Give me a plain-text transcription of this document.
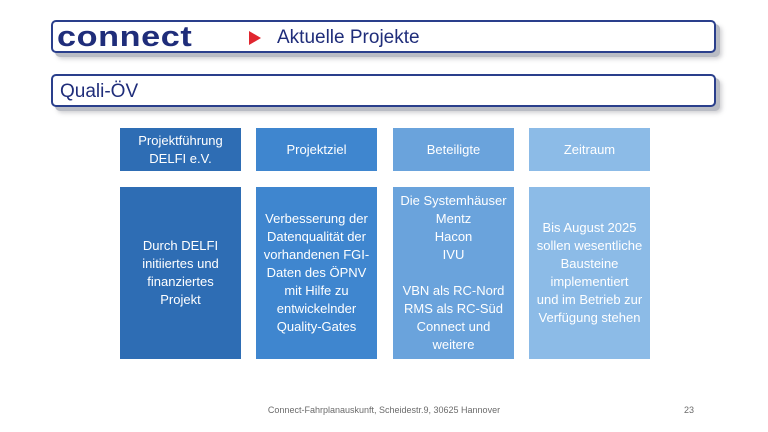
connect	Aktuelle Projekte
Quali-ÖV
Projektführung
DELFI e.V.
Projektziel	Beteiligte	Zeitraum
Durch DELFI
initiiertes und
finanziertes
Projekt
Verbesserung der
Datenqualität der
vorhandenen FGI-
Daten des ÖPNV
mit Hilfe zu
entwickelnder
Quality-Gates
Die Systemhäuser
Mentz
Hacon
IVU

VBN als RC-Nord
RMS als RC-Süd
Connect und
weitere
Bis August 2025
sollen wesentliche
Bausteine
implementiert
und im Betrieb zur
Verfügung stehen
Connect-Fahrplanauskunft, Scheidestr.9, 30625 Hannover	23
